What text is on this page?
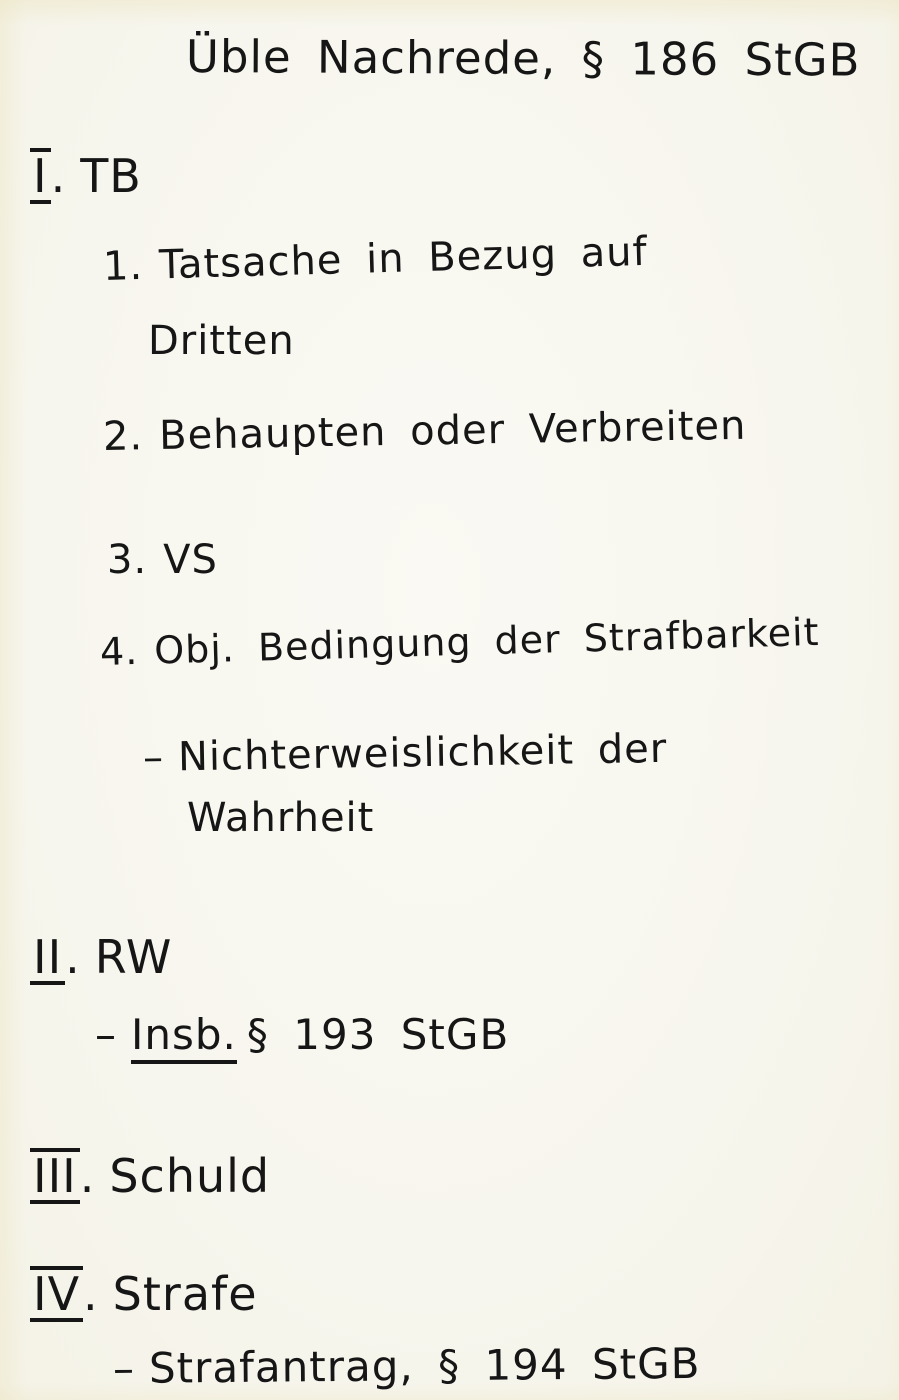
Üble Nachrede, § 186 StGB
I. TB
1. Tatsache in Bezug auf
Dritten
2. Behaupten oder Verbreiten
3. VS
4. Obj. Bedingung der Strafbarkeit
– Nichterweislichkeit der
Wahrheit
II. RW
– Insb. § 193 StGB
III. Schuld
IV. Strafe
– Strafantrag, § 194 StGB
